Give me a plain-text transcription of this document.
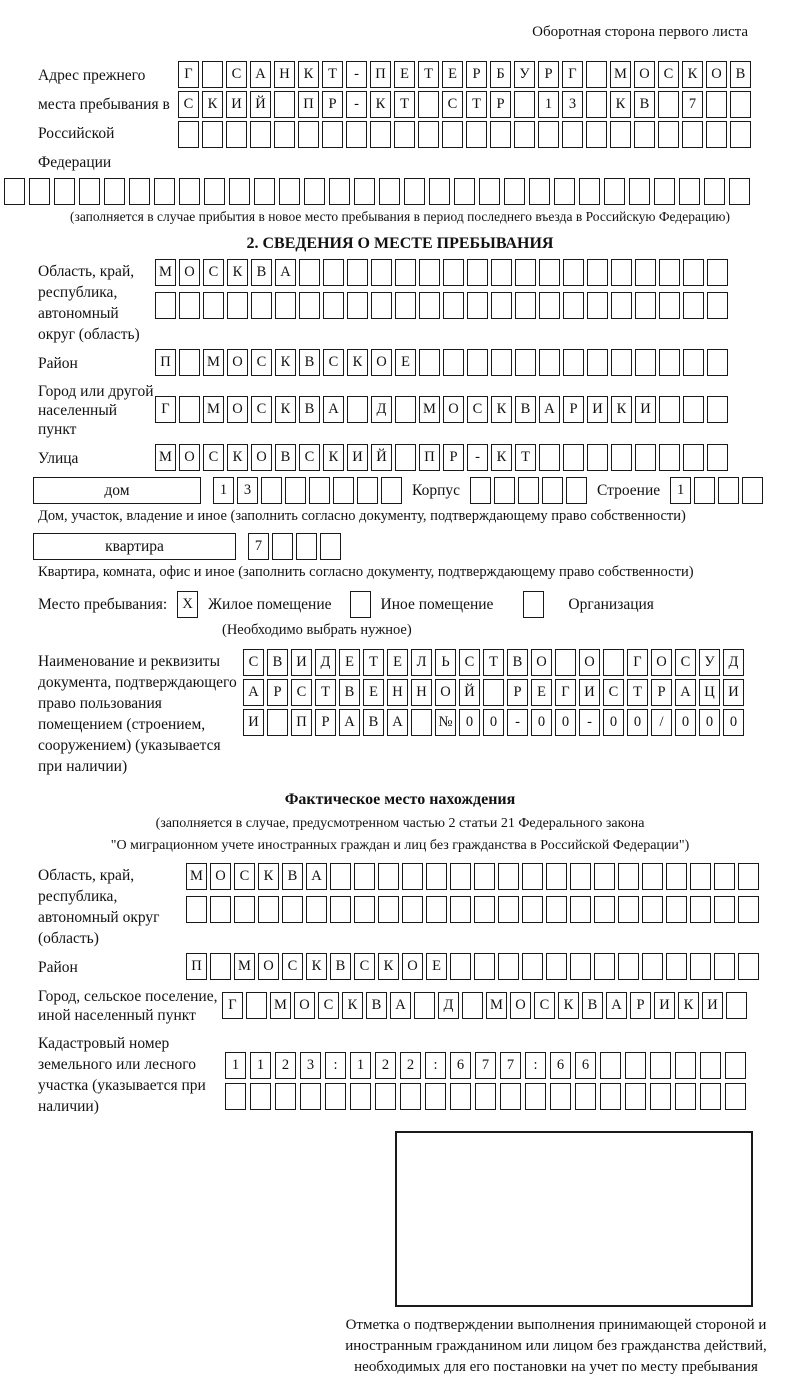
Оборотная сторона первого листа
Адрес прежнего места пребывания в Российской Федерации
Г	С А Н К	Т	-	П Е	Т	Е	Р	Б	У	Р	Г	М О С К О В
С К И Й	П	Р	-	К	Т	С	Т	Р	1	3	К В	7
(заполняется в случае прибытия в новое место пребывания в период последнего въезда в Российскую Федерацию)
2. СВЕДЕНИЯ О МЕСТЕ ПРЕБЫВАНИЯ
Область, край, республика, автономный округ (область)
М О С К В А
Район	П	М О С К В С К О Е
Город или другой населенный пункт
Г	М О С К В А	Д	М О С К В А	Р	И К И
Улица	М О С К О В С К И Й	П	Р	-	К	Т
дом	1	3	Корпус	Строение	1
Дом, участок, владение и иное (заполнить согласно документу, подтверждающему право собственности)
квартира	7
Квартира, комната, офис и иное (заполнить согласно документу, подтверждающему право собственности)
Место пребывания:	X Жилое помещение	Иное помещение	Организация
(Необходимо выбрать нужное)
Наименование и реквизиты документа, подтверждающего право пользования помещением (строением, сооружением) (указывается при наличии)
С В И Д	Е	Т	Е	Л	Ь	С	Т	В О	О	Г	О С У Д
А	Р	С	Т	В	Е Н Н О Й	Р	Е	Г	И С	Т	Р	А Ц И
И	П	Р	А В А	№ 0	0	-	0	0	-	0	0	/	0	0	0
Фактическое место нахождения
(заполняется в случае, предусмотренном частью 2 статьи 21 Федерального закона
"О миграционном учете иностранных граждан и лиц без гражданства в Российской Федерации")
Область, край, республика, автономный округ (область)
М О С К В А
Район	П	М О С К В С К О Е
Город, сельское поселение, иной населенный пункт
Г	М О С К В А	Д	М О С К В А	Р	И К И
Кадастровый номер земельного или лесного участка (указывается при наличии)
1	1	2	3	:	1	2	2	:	6	7	7	:	6	6
Отметка о подтверждении выполнения принимающей стороной и иностранным гражданином или лицом без гражданства действий, необходимых для его постановки на учет по месту пребывания
